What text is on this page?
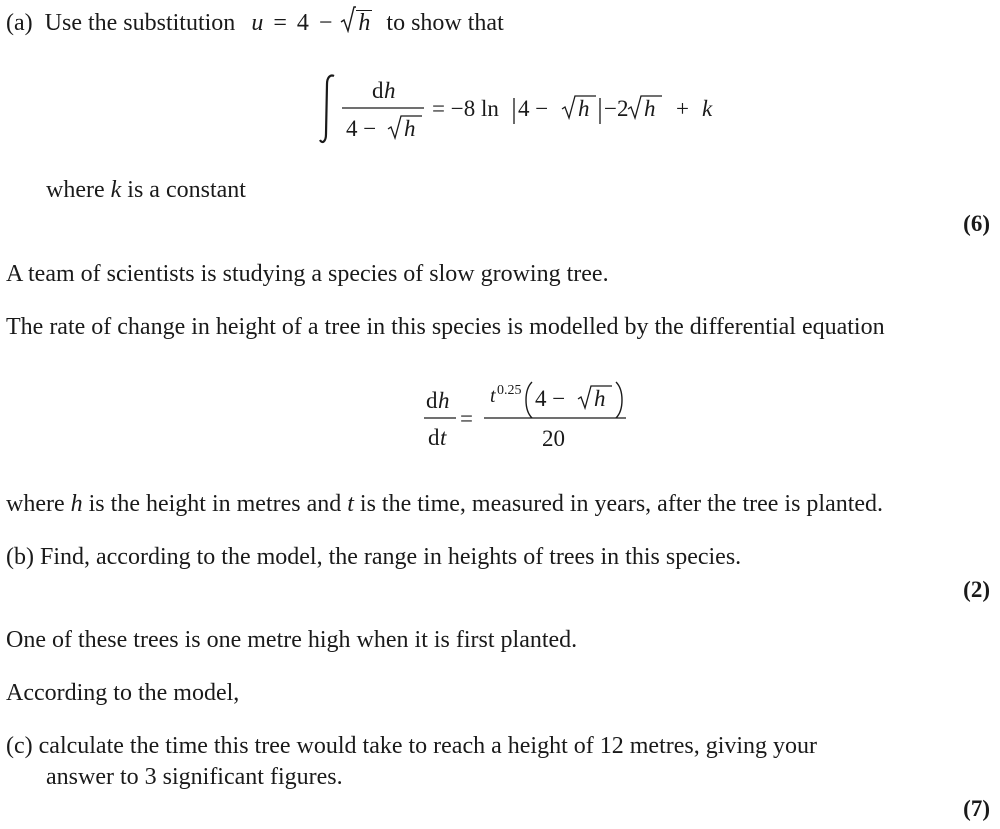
(a) Use the substitution u = 4 − h to show that
d h
4 − h
= −8 ln 4 − h −2 h + k
where k is a constant
(6)
A team of scientists is studying a species of slow growing tree.
The rate of change in height of a tree in this species is modelled by the differential equation
d h
d t
=
t 0.25 4 − h
20
where h is the height in metres and t is the time, measured in years, after the tree is planted.
(b) Find, according to the model, the range in heights of trees in this species.
(2)
One of these trees is one metre high when it is first planted.
According to the model,
(c) calculate the time this tree would take to reach a height of 12 metres, giving your
answer to 3 significant figures.
(7)
